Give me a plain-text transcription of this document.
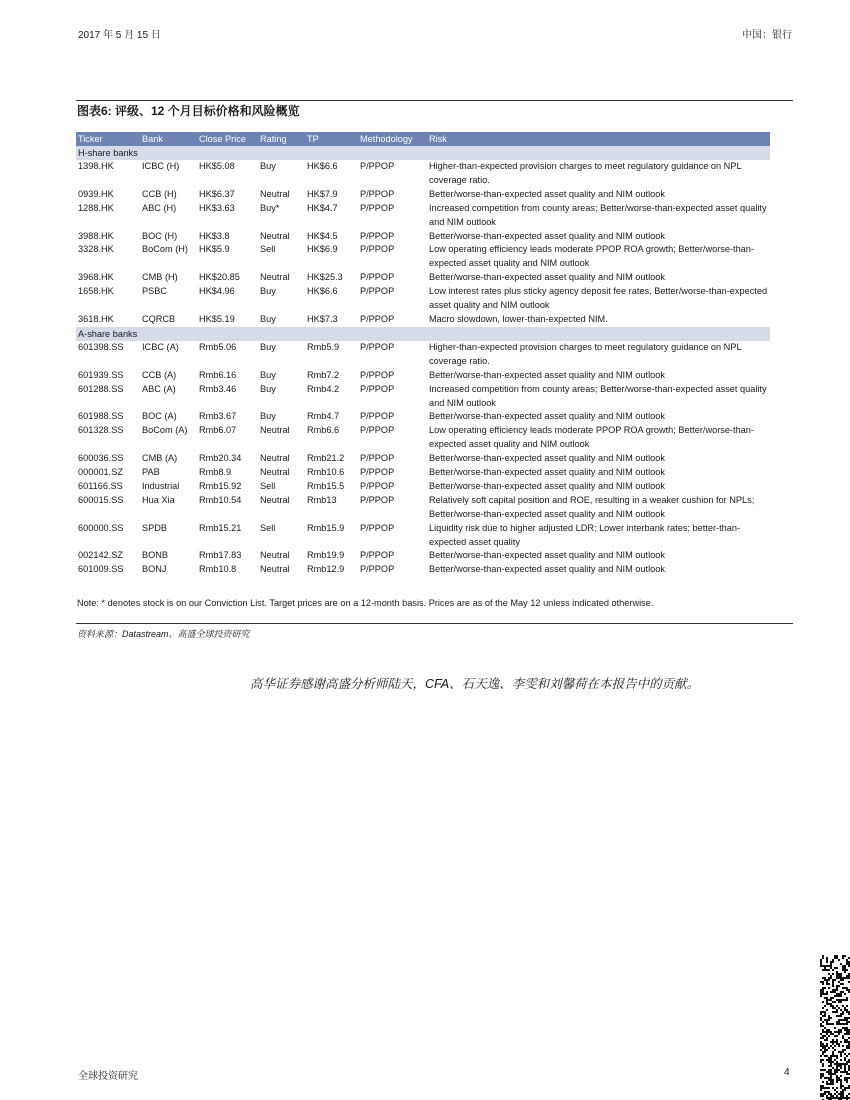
2017 年 5 月 15 日	中国：银行
图表6: 评级、12 个月目标价格和风险概览
Ticker	Bank	Close Price	Rating	TP	Methodology	Risk
H-share banks						
1398.HK	ICBC (H)	HK$5.08	Buy	HK$6.6	P/PPOP	Higher-than-expected provision charges to meet regulatory guidance on NPL coverage ratio.
0939.HK	CCB (H)	HK$6.37	Neutral	HK$7.9	P/PPOP	Better/worse-than-expected asset quality and NIM outlook
1288.HK	ABC (H)	HK$3.63	Buy*	HK$4.7	P/PPOP	Increased competition from county areas; Better/worse-than-expected asset quality and NIM outlook
3988.HK	BOC (H)	HK$3.8	Neutral	HK$4.5	P/PPOP	Better/worse-than-expected asset quality and NIM outlook
3328.HK	BoCom (H)	HK$5.9	Sell	HK$6.9	P/PPOP	Low operating efficiency leads moderate PPOP ROA growth; Better/worse-than-expected asset quality and NIM outlook
3968.HK	CMB (H)	HK$20.85	Neutral	HK$25.3	P/PPOP	Better/worse-than-expected asset quality and NIM outlook
1658.HK	PSBC	HK$4.96	Buy	HK$6.6	P/PPOP	Low interest rates plus sticky agency deposit fee rates, Better/worse-than-expected asset quality and NIM outlook
3618.HK	CQRCB	HK$5.19	Buy	HK$7.3	P/PPOP	Macro slowdown, lower-than-expected NIM.
A-share banks						
601398.SS	ICBC (A)	Rmb5.06	Buy	Rmb5.9	P/PPOP	Higher-than-expected provision charges to meet regulatory guidance on NPL coverage ratio.
601939.SS	CCB (A)	Rmb6.16	Buy	Rmb7.2	P/PPOP	Better/worse-than-expected asset quality and NIM outlook
601288.SS	ABC (A)	Rmb3.46	Buy	Rmb4.2	P/PPOP	Increased competition from county areas; Better/worse-than-expected asset quality and NIM outlook
601988.SS	BOC (A)	Rmb3.67	Buy	Rmb4.7	P/PPOP	Better/worse-than-expected asset quality and NIM outlook
601328.SS	BoCom (A)	Rmb6.07	Neutral	Rmb6.6	P/PPOP	Low operating efficiency leads moderate PPOP ROA growth; Better/worse-than-expected asset quality and NIM outlook
600036.SS	CMB (A)	Rmb20.34	Neutral	Rmb21.2	P/PPOP	Better/worse-than-expected asset quality and NIM outlook
000001.SZ	PAB	Rmb8.9	Neutral	Rmb10.6	P/PPOP	Better/worse-than-expected asset quality and NIM outlook
601166.SS	Industrial	Rmb15.92	Sell	Rmb15.5	P/PPOP	Better/worse-than-expected asset quality and NIM outlook
600015.SS	Hua Xia	Rmb10.54	Neutral	Rmb13	P/PPOP	Relatively soft capital position and ROE, resulting in a weaker cushion for NPLs; Better/worse-than-expected asset quality and NIM outlook
600000.SS	SPDB	Rmb15.21	Sell	Rmb15.9	P/PPOP	Liquidity risk due to higher adjusted LDR; Lower interbank rates; better-than-expected asset quality
002142.SZ	BONB	Rmb17.83	Neutral	Rmb19.9	P/PPOP	Better/worse-than-expected asset quality and NIM outlook
601009.SS	BONJ	Rmb10.8	Neutral	Rmb12.9	P/PPOP	Better/worse-than-expected asset quality and NIM outlook
Note: * denotes stock is on our Conviction List. Target prices are on a 12-month basis. Prices are as of the May 12 unless indicated otherwise.
资料来源：Datastream、高盛全球投资研究
高华证券感谢高盛分析师陆天，CFA、石天逸、李雯和刘馨荷在本报告中的贡献。
全球投资研究	4
